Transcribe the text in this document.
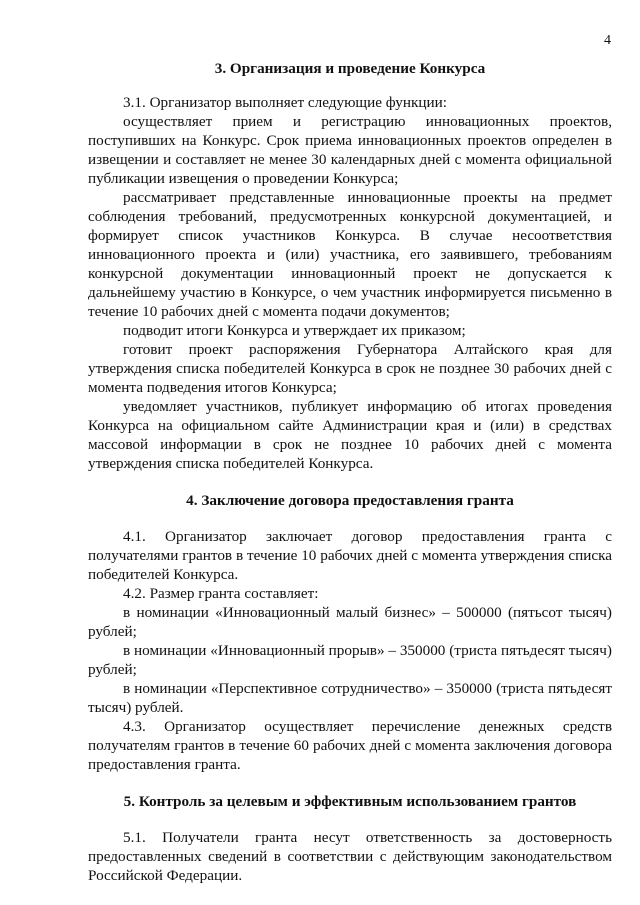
4
3. Организация и проведение Конкурса

3.1. Организатор выполняет следующие функции:

осуществляет прием и регистрацию инновационных проектов, поступивших на Конкурс. Срок приема инновационных проектов определен в извещении и составляет не менее 30 календарных дней с момента официальной публикации извещения о проведении Конкурса;

рассматривает представленные инновационные проекты на предмет соблюдения требований, предусмотренных конкурсной документацией, и формирует список участников Конкурса. В случае несоответствия инновационного проекта и (или) участника, его заявившего, требованиям конкурсной документации инновационный проект не допускается к дальнейшему участию в Конкурсе, о чем участник информируется письменно в течение 10 рабочих дней с момента подачи документов;

подводит итоги Конкурса и утверждает их приказом;

готовит проект распоряжения Губернатора Алтайского края для утверждения списка победителей Конкурса в срок не позднее 30 рабочих дней с момента подведения итогов Конкурса;

уведомляет участников, публикует информацию об итогах проведения Конкурса на официальном сайте Администрации края и (или) в средствах массовой информации в срок не позднее 10 рабочих дней с момента утверждения списка победителей Конкурса.

4. Заключение договора предоставления гранта

4.1. Организатор заключает договор предоставления гранта с получателями грантов в течение 10 рабочих дней с момента утверждения списка победителей Конкурса.

4.2. Размер гранта составляет:

в номинации «Инновационный малый бизнес» – 500000 (пятьсот тысяч) рублей;

в номинации «Инновационный прорыв» – 350000 (триста пятьдесят тысяч) рублей;

в номинации «Перспективное сотрудничество» – 350000 (триста пятьдесят тысяч) рублей.

4.3. Организатор осуществляет перечисление денежных средств получателям грантов в течение 60 рабочих дней с момента заключения договора предоставления гранта.

5. Контроль за целевым и эффективным использованием грантов

5.1. Получатели гранта несут ответственность за достоверность предоставленных сведений в соответствии с действующим законодательством Российской Федерации.
